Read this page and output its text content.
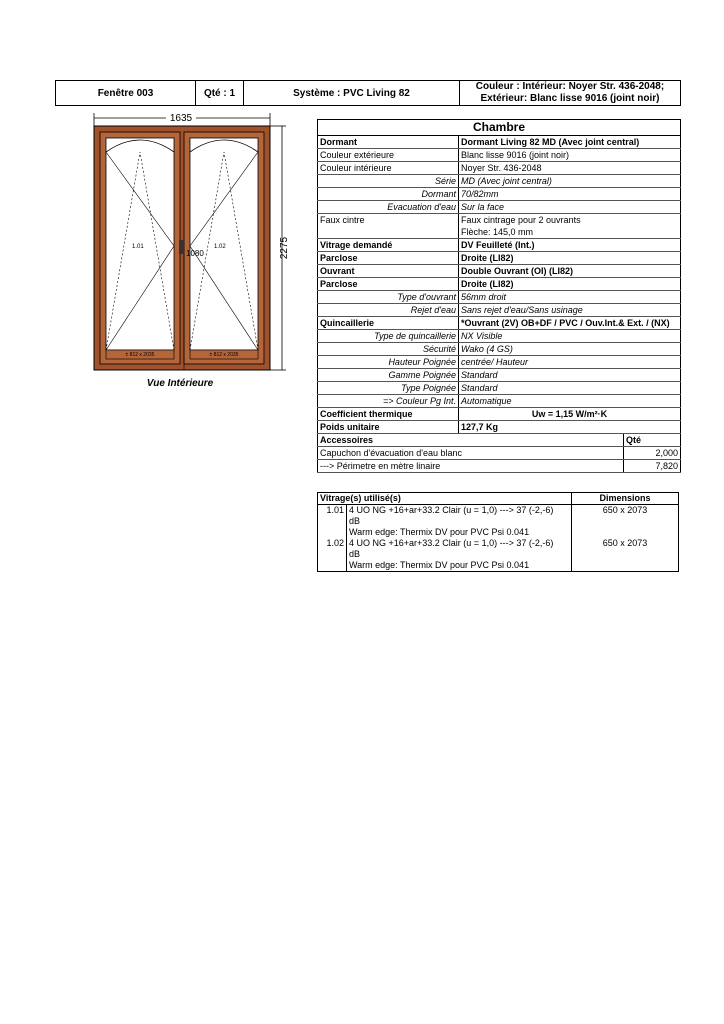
Fenêtre 003	Qté : 1	Système : PVC Living 82
Couleur : Intérieur: Noyer Str. 436-2048;
Extérieur: Blanc lisse 9016 (joint noir)
1635
2275
1080
1.01	1.02
± 812 x 2035	± 812 x 2035
Vue Intérieure
Chambre		
Dormant	Dormant Living 82 MD (Avec joint central)	
Couleur extérieure	Blanc lisse 9016 (joint noir)	
Couleur intérieure	Noyer Str. 436-2048	
Série	MD (Avec joint central)	
Dormant	70/82mm	
Evacuation d'eau	Sur la face	
Faux cintre	Faux cintrage pour 2 ouvrants
Flèche: 145,0 mm	

Vitrage demandé	DV Feuilleté (Int.)	
Parclose	Droite (LI82)	
Ouvrant	Double Ouvrant (OI) (LI82)	
Parclose	Droite (LI82)	
Type d'ouvrant	56mm droit	
Rejet d'eau	Sans rejet d'eau/Sans usinage	
Quincaillerie	*Ouvrant (2V) OB+DF / PVC / Ouv.Int.& Ext. / (NX)	
Type de quincaillerie	NX Visible	
Sécurité	Wako (4 GS)	
Hauteur Poignée	centrée/ Hauteur	
Gamme Poignée	Standard	
Type Poignée	Standard	
=> Couleur Pg Int.	Automatique	
Coefficient thermique	Uw = 1,15 W/m²·K	
Poids unitaire	127,7 Kg	
Accessoires		Qté
Capuchon d'évacuation d'eau blanc		2,000
---> Périmetre en mètre linaire		7,820
Vitrage(s) utilisé(s)		Dimensions
1.01	4 UO NG +16+ar+33.2 Clair (u = 1,0) ---> 37 (-2,-6)
dB
Warm edge: Thermix DV pour PVC Psi 0.041	650 x 2073
1.02	4 UO NG +16+ar+33.2 Clair (u = 1,0) ---> 37 (-2,-6)
dB
Warm edge: Thermix DV pour PVC Psi 0.041	650 x 2073
